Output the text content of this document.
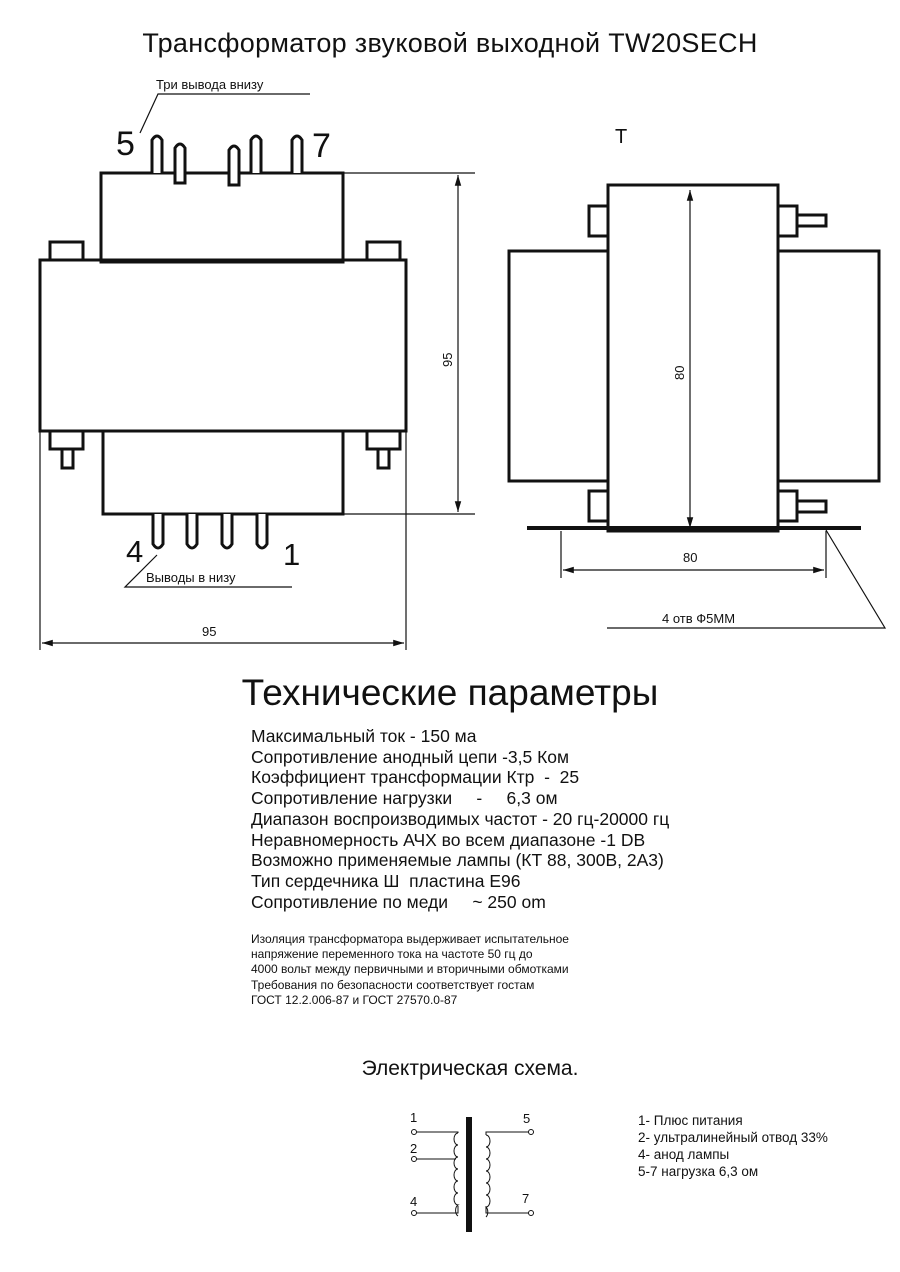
Трансформатор звуковой выходной TW20SECH
Три вывода внизу
5	7
4	1
Выводы в низу
95
95
T
80
80
4 отв Ф5ММ
Технические параметры
Максимальный ток - 150 ма
Сопротивление анодный цепи -3,5 Ком
Коэффициент трансформации Ктр  -  25
Сопротивление нагрузки     -     6,3 ом
Диапазон воспроизводимых частот - 20 гц-20000 гц
Неравномерность АЧХ во всем диапазоне -1 DB
Возможно применяемые лампы (КТ 88, 300B, 2А3)
Тип сердечника Ш  пластина Е96
Сопротивление по меди     ~ 250 om
Изоляция трансформатора выдерживает испытательное
напряжение переменного тока на частоте 50 гц до
4000 вольт между первичными и вторичными обмотками
Требования по безопасности соответствует гостам
ГОСТ 12.2.006-87 и ГОСТ 27570.0-87
Электрическая схема.
1
2
4
5
7
1- Плюс питания
2- ультралинейный отвод 33%
4- анод лампы
5-7 нагрузка 6,3 ом
